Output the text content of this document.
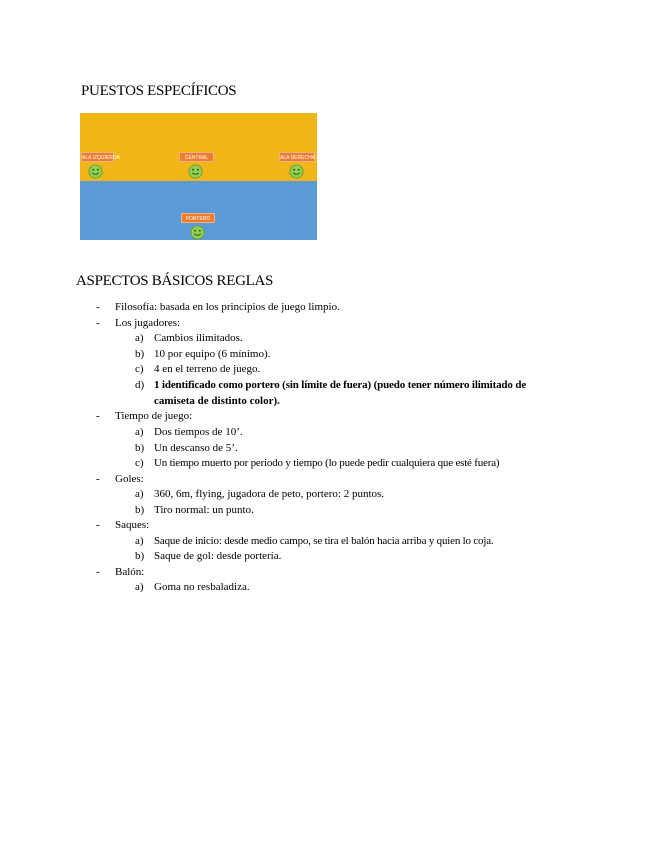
PUESTOS ESPECÍFICOS
ALA IZQUIERDA	CENTRAL	ALA DERECHA
PORTERO
ASPECTOS BÁSICOS REGLAS
-	Filosofía: basada en los principios de juego limpio.
-	Los jugadores:
a) Cambios ilimitados.
b) 10 por equipo (6 mínimo).
c) 4 en el terreno de juego.
d) 1 identificado como portero (sin límite de fuera) (puedo tener número ilimitado de
camiseta de distinto color).
-	Tiempo de juego:
a) Dos tiempos de 10’.
b) Un descanso de 5’.
c) Un tiempo muerto por periodo y tiempo (lo puede pedir cualquiera que esté fuera)
-	Goles:
a) 360, 6m, flying, jugadora de peto, portero: 2 puntos.
b) Tiro normal: un punto.
-	Saques:
a) Saque de inicio: desde medio campo, se tira el balón hacia arriba y quien lo coja.
b) Saque de gol: desde portería.
-	Balón:
a) Goma no resbaladiza.
